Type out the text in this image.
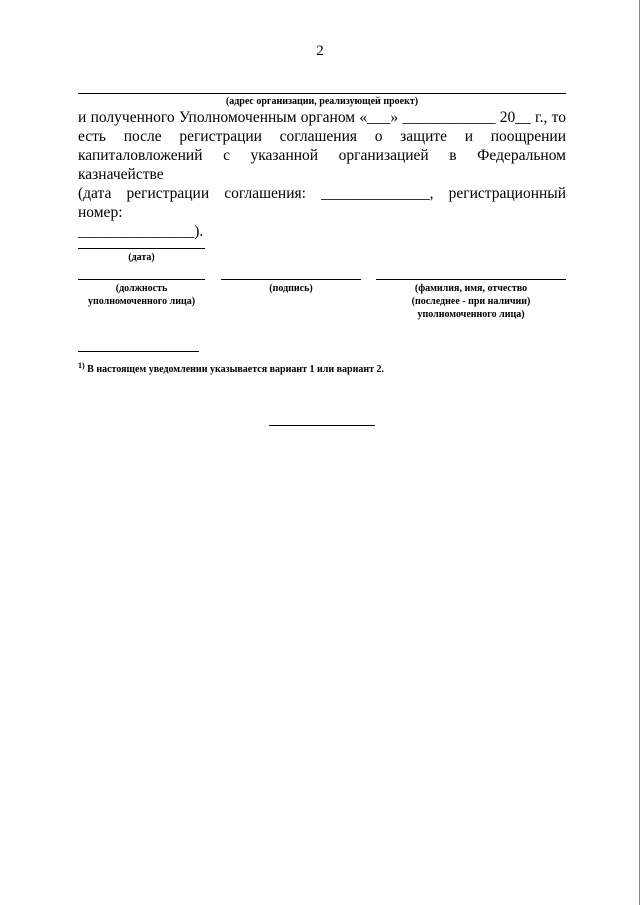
2
(адрес организации, реализующей проект)
и полученного Уполномоченным органом «___» ____________ 20__ г., то
есть после регистрации соглашения о защите и поощрении
капиталовложений с указанной организацией в Федеральном казначействе
(дата регистрации соглашения: ______________, регистрационный номер:
_______________).
(дата)
(должность
уполномоченного лица)
(подпись)	(фамилия, имя, отчество
(последнее - при наличии)
уполномоченного лица)
$^{1)}$ В настоящем уведомлении указывается вариант 1 или вариант 2.
